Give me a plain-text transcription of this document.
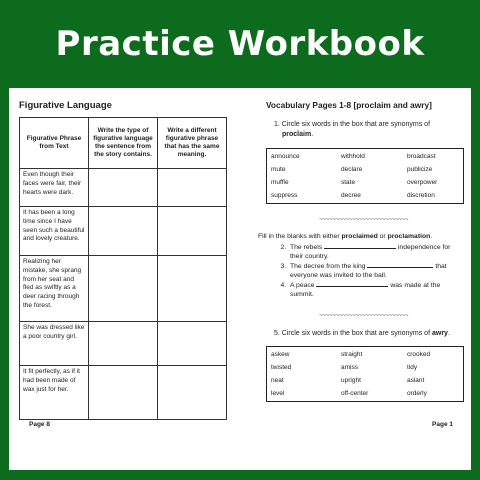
Practice Workbook
Figurative Language
Figurative Phrase from Text	Write the type of figurative language the sentence from the story contains.	Write a different figurative phrase that has the same meaning.
Even though their faces were fair, their hearts were dark.		
It has been a long time since I have seen such a beautiful and lovely creature.		
Realizing her mistake, she sprang from her seat and fled as swiftly as a deer racing through the forest.		
She was dressed like a poor country girl.		
It fit perfectly, as if it had been made of wax just for her.		
Page 8
Vocabulary Pages 1-8 [proclaim and awry]
1. Circle six words in the box that are synonyms of proclaim.
announce	withhold	broadcast
mute	declare	publicize
muffle	state	overpower
suppress	decree	discretion
~~~~~~~~~~~~~~~~~~~~~~~~~~~
Fill in the blanks with either proclaimed or proclamation.
2. The rebels	independence for their country.
3. The decree from the king	that everyone was invited to the ball.
4. A peace	was made at the summit.
~~~~~~~~~~~~~~~~~~~~~~~~~~~
5. Circle six words in the box that are synonyms of awry.
askew	straight	crooked
twisted	amiss	tidy
neat	upright	aslant
level	off-center	orderly
Page 1
